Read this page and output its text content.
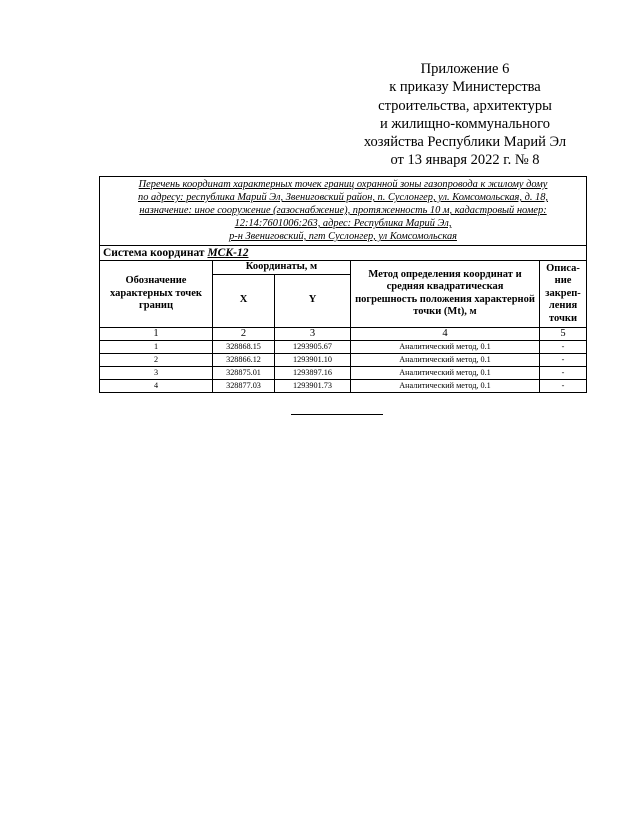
Приложение 6
к приказу Министерства
строительства, архитектуры
и жилищно-коммунального
хозяйства Республики Марий Эл
от 13 января 2022 г. № 8
Перечень координат характерных точек границ охранной зоны газопровода к жилому дому
по адресу: республика Марий Эл, Звениговский район, п. Суслонгер, ул. Комсомольская, д. 18,
назначение: иное сооружение (газоснабжение), протяженность 10 м, кадастровый номер:
12:14:7601006:263, адрес: Республика Марий Эл,
р-н Звениговский, пгт Суслонгер, ул Комсомольская				

Система координат МСК-12				
Обозначение характерных точек границ	Координаты, м		Метод определения координат и средняя квадратическая погрешность положения характерной точки (Mt), м	Описа-ние закреп-ления точки
	X	Y		
1	2	3	4	5
1	328868.15	1293905.67	Аналитический метод, 0.1	-
2	328866.12	1293901.10	Аналитический метод, 0.1	-
3	328875.01	1293897.16	Аналитический метод, 0.1	-
4	328877.03	1293901.73	Аналитический метод, 0.1	-
